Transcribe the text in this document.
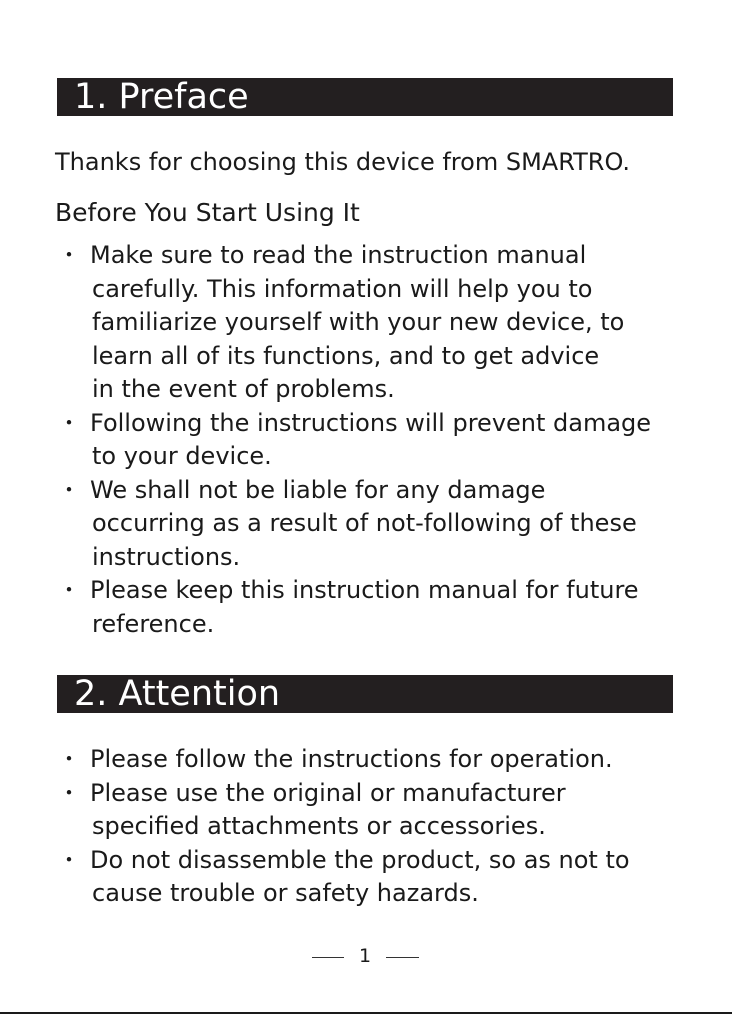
1. Preface
Thanks for choosing this device from SMARTRO.
Before You Start Using It
・ Make sure to read the instruction manual
carefully. This information will help you to
familiarize yourself with your new device, to
learn all of its functions, and to get advice
in the event of problems.
・ Following the instructions will prevent damage
to your device.
・ We shall not be liable for any damage
occurring as a result of not-following of these
instructions.
・ Please keep this instruction manual for future
reference.
2. Attention
・ Please follow the instructions for operation.
・ Please use the original or manufacturer
specified attachments or accessories.
・ Do not disassemble the product, so as not to
cause trouble or safety hazards.
1
